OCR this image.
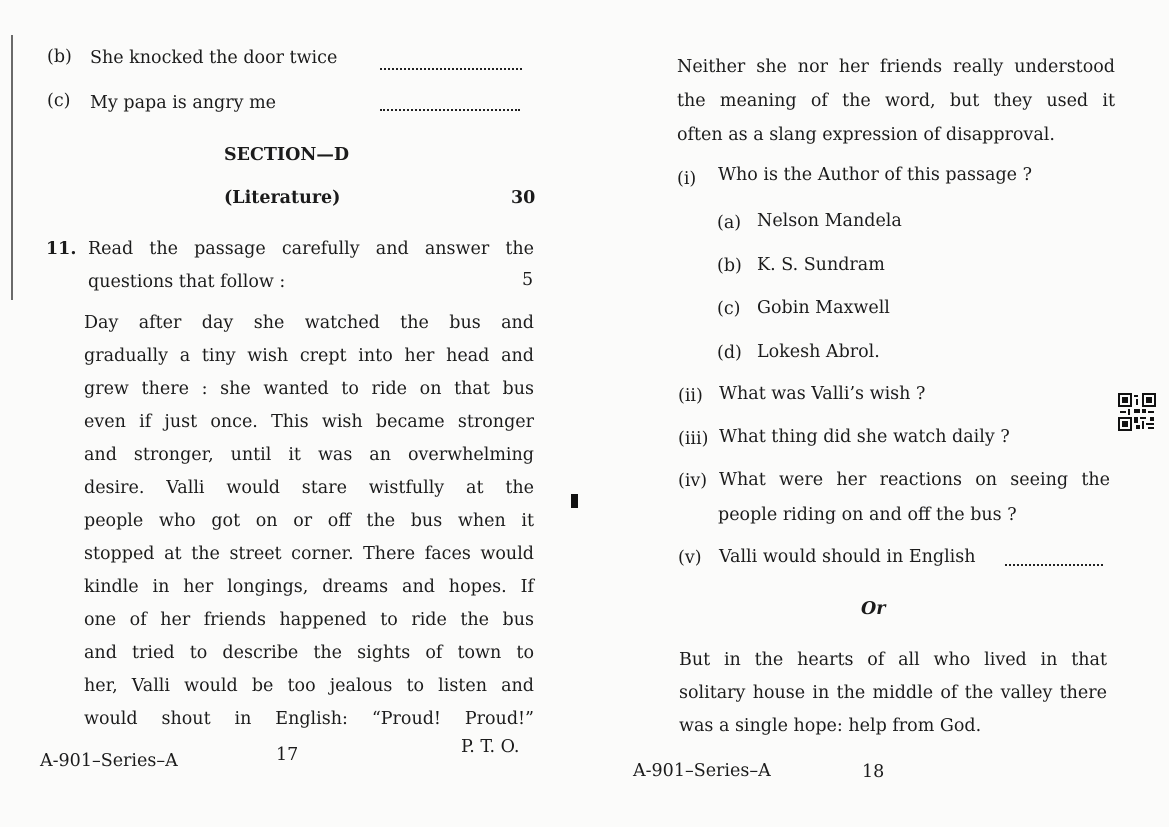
(b) She knocked the door twice
(c) My papa is angry me
SECTION—D
(Literature)	30
11. Read the passage carefully and answer the
questions that follow :	5
Day after day she watched the bus and
gradually a tiny wish crept into her head and
grew there : she wanted to ride on that bus
even if just once. This wish became stronger
and stronger, until it was an overwhelming
desire. Valli would stare wistfully at the
people who got on or off the bus when it
stopped at the street corner. There faces would
kindle in her longings, dreams and hopes. If
one of her friends happened to ride the bus
and tried to describe the sights of town to
her, Valli would be too jealous to listen and
would shout in English: “Proud! Proud!”
A-901–Series–A	17	P. T. O.
Neither she nor her friends really understood
the meaning of the word, but they used it
often as a slang expression of disapproval.
(i) Who is the Author of this passage ?
(a) Nelson Mandela
(b) K. S. Sundram
(c) Gobin Maxwell
(d) Lokesh Abrol.
(ii) What was Valli’s wish ?
(iii) What thing did she watch daily ?
(iv) What were her reactions on seeing the
people riding on and off the bus ?
(v) Valli would should in English
Or
But in the hearts of all who lived in that
solitary house in the middle of the valley there
was a single hope: help from God.
A-901–Series–A	18
